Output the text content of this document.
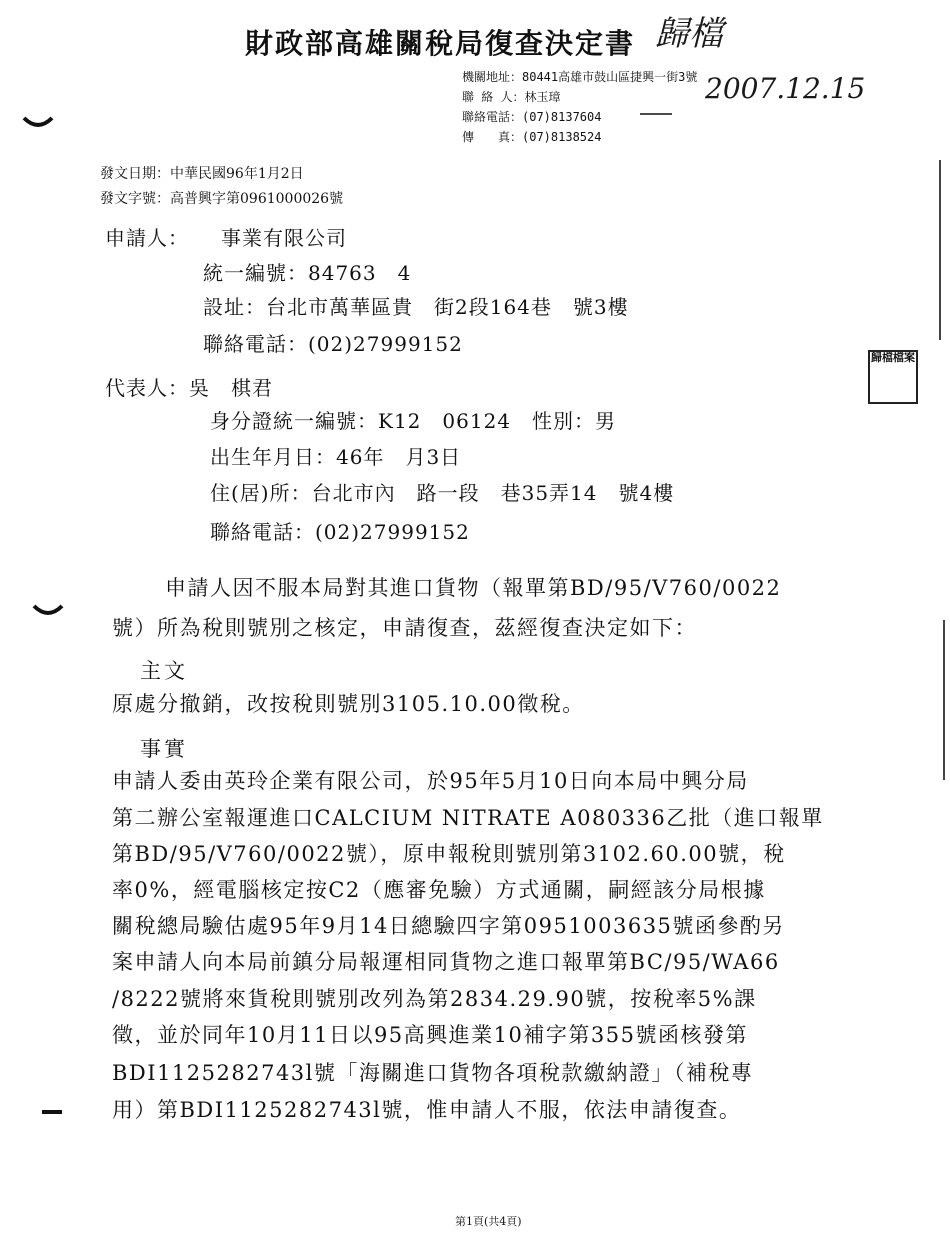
財政部高雄關稅局復查決定書 歸檔
2007.12.15
機關地址：80441高雄市鼓山區捷興一街3號
聯 絡 人：林玉璋
聯絡電話：(07)8137604
傳　　真：(07)8138524
發文日期：中華民國96年1月2日
發文字號：高普興字第0961000026號
申請人：　　事業有限公司
統一編號：84763　4
設址：台北市萬華區貴　街2段164巷　號3樓
聯絡電話：(02)27999152
代表人：吳　棋君
身分證統一編號：K12　06124　性別：男
出生年月日：46年　月3日
住(居)所：台北市內　路一段　巷35弄14　號4樓
聯絡電話：(02)27999152
申請人因不服本局對其進口貨物（報單第BD/95/V760/0022
號）所為稅則號別之核定，申請復查，茲經復查決定如下：
主文
原處分撤銷，改按稅則號別3105.10.00徵稅。
事實
申請人委由英玲企業有限公司，於95年5月10日向本局中興分局
第二辦公室報運進口CALCIUM NITRATE A080336乙批（進口報單
第BD/95/V760/0022號），原申報稅則號別第3102.60.00號，稅
率0%，經電腦核定按C2（應審免驗）方式通關，嗣經該分局根據
關稅總局驗估處95年9月14日總驗四字第0951003635號函參酌另
案申請人向本局前鎮分局報運相同貨物之進口報單第BC/95/WA66
/8222號將來貨稅則號別改列為第2834.29.90號，按稅率5%課
徵，並於同年10月11日以95高興進業10補字第355號函核發第
BDI1125282743l號「海關進口貨物各項稅款繳納證」（補稅專
用）第BDI1125282743l號，惟申請人不服，依法申請復查。
歸檔檔案
第1頁(共4頁)
